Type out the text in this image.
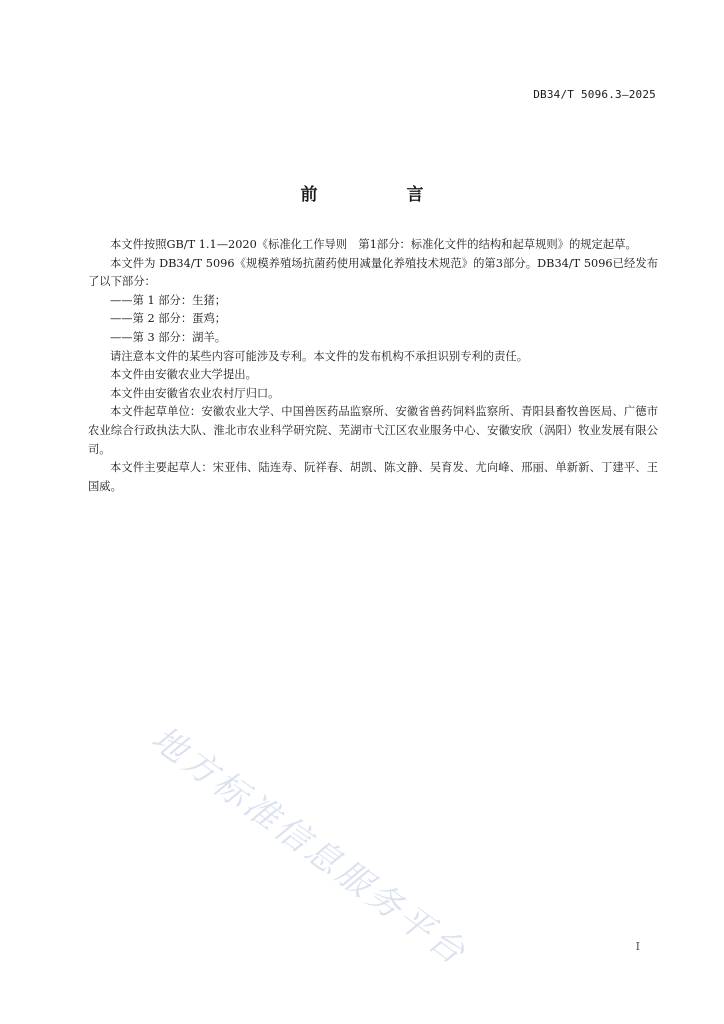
DB34/T 5096.3—2025
前　言

本文件按照GB/T 1.1—2020《标准化工作导则　第1部分：标准化文件的结构和起草规则》的规定起草。

本文件为 DB34/T 5096《规模养殖场抗菌药使用减量化养殖技术规范》的第3部分。DB34/T 5096已经发布了以下部分：

——第 1 部分：生猪；

——第 2 部分：蛋鸡；

——第 3 部分：湖羊。

请注意本文件的某些内容可能涉及专利。本文件的发布机构不承担识别专利的责任。

本文件由安徽农业大学提出。

本文件由安徽省农业农村厅归口。

本文件起草单位：安徽农业大学、中国兽医药品监察所、安徽省兽药饲料监察所、青阳县畜牧兽医局、广德市农业综合行政执法大队、淮北市农业科学研究院、芜湖市弋江区农业服务中心、安徽安欣（涡阳）牧业发展有限公司。

本文件主要起草人：宋亚伟、陆连寿、阮祥春、胡凯、陈文静、吴育发、尤向峰、邢丽、单新新、丁建平、王国威。

地方标准信息服务平台	I
